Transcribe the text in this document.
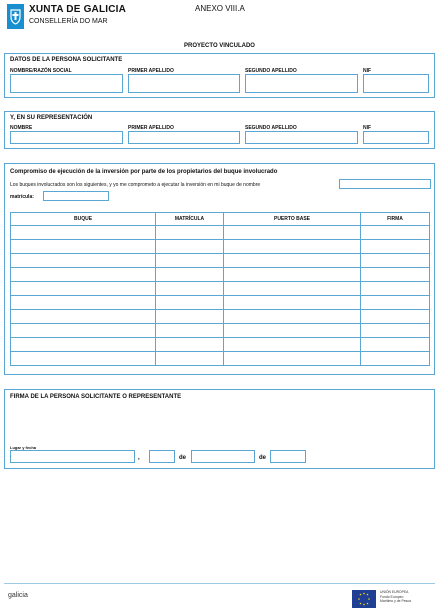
XUNTA DE GALICIA
CONSELLERÍA DO MAR
ANEXO VIII.A
PROYECTO VINCULADO
DATOS DE LA PERSONA SOLICITANTE
NOMBRE/RAZÓN SOCIAL	PRIMER APELLIDO	SEGUNDO APELLIDO	NIF
Y, EN SU REPRESENTACIÓN
NOMBRE	PRIMER APELLIDO	SEGUNDO APELLIDO	NIF
Compromiso de ejecución de la inversión por parte de los propietarios del buque involucrado
Los buques involucrados son los siguientes, y yo me comprometo a ejecutar la inversión en mi buque de nombre
matrícula:
BUQUE	MATRÍCULA	PUERTO BASE	FIRMA

FIRMA DE LA PERSONA SOLICITANTE O REPRESENTANTE
Lugar y fecha
,	de	de
galicia	UNIÓN EUROPEA
Fondo Europeo
Marítimo y de Pesca
